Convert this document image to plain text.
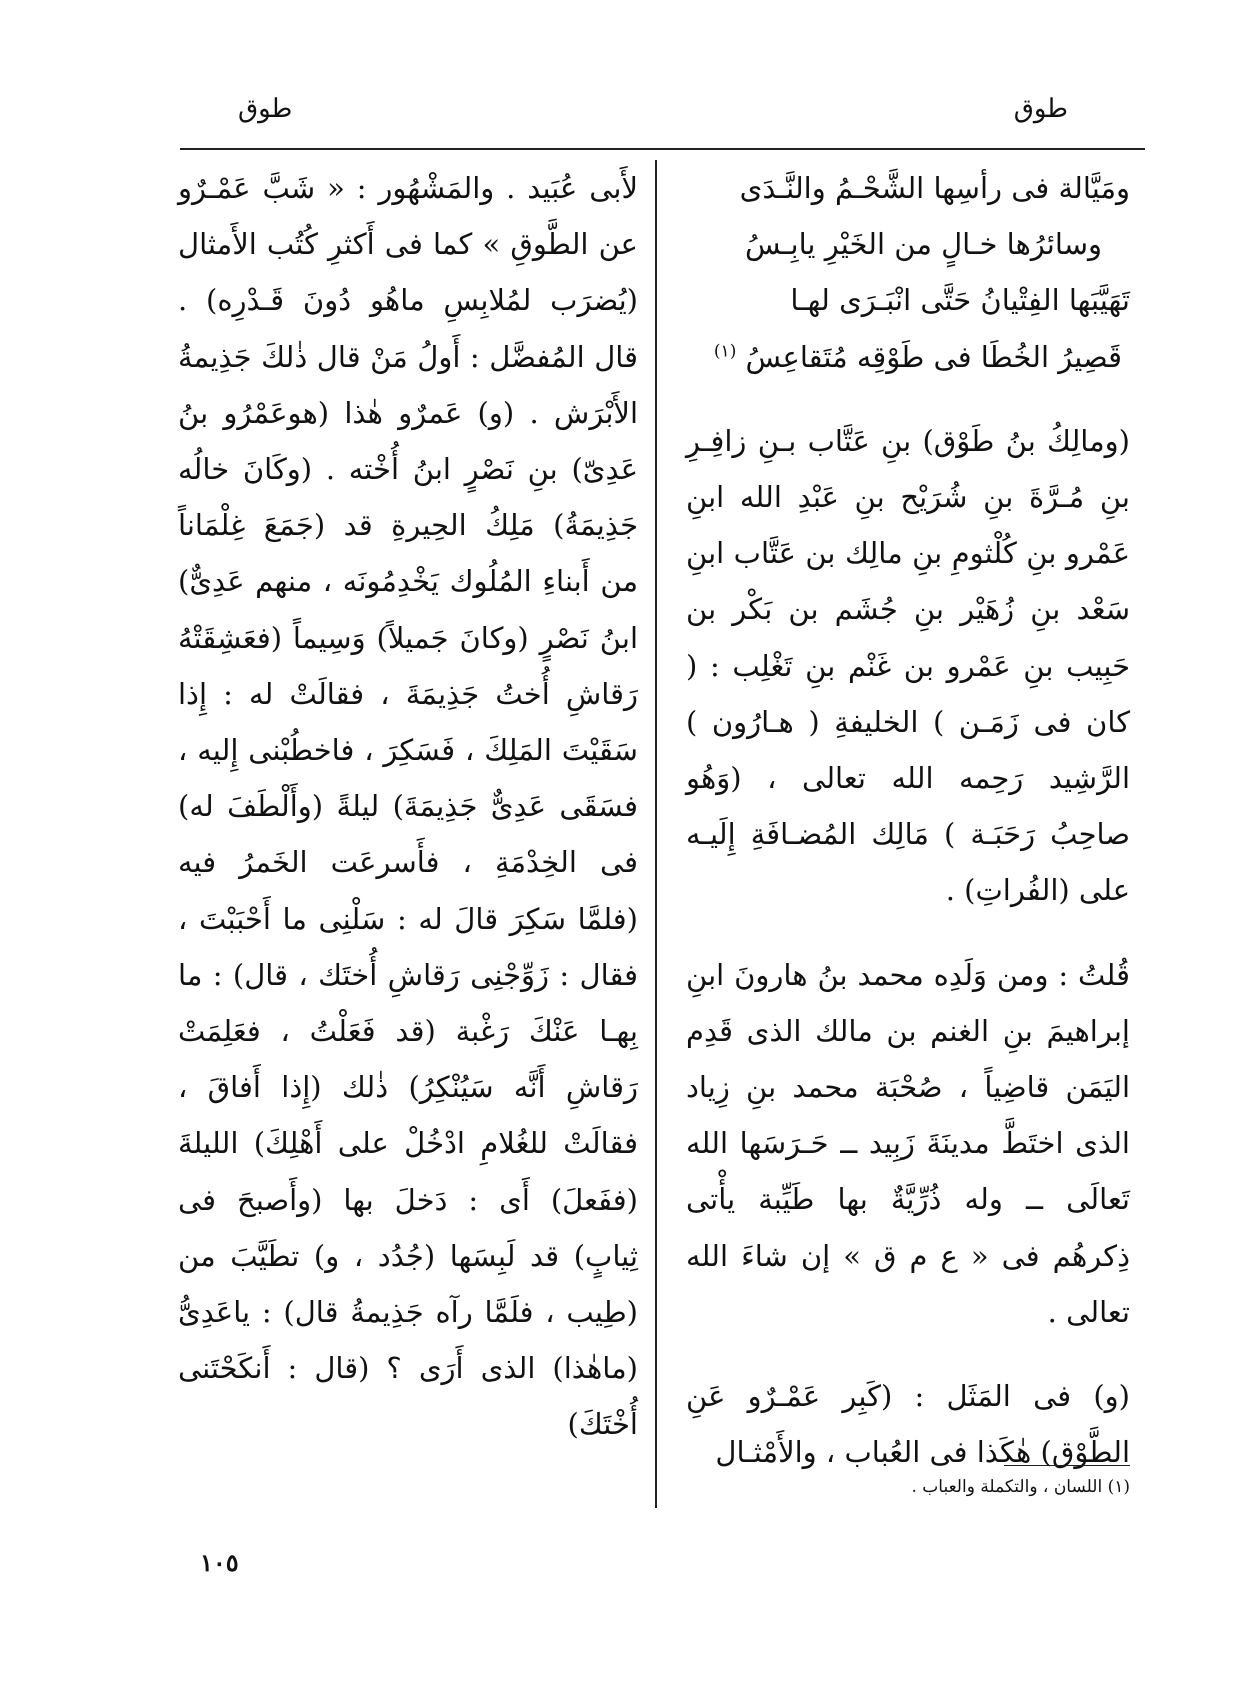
طوق
طوق
ومَيَّالة فى رأسِها الشَّحْـمُ والنَّـدَى
وسائرُها خـالٍ من الخَيْرِ يابِـسُ
تَهَيَّبَها الفِتْيانُ حَتَّى انْبَـرَى لهـا
قَصِيرُ الخُطَا فى طَوْقِه مُتَقاعِسُ $^{(١)}$

(ومالِكُ بنُ طَوْق) بنِ عَتَّاب بـنِ زافِـرِ بنِ مُـرَّةَ بنِ شُرَيْح بنِ عَبْدِ الله ابنِ عَمْرو بنِ كُلْثومِ بنِ مالِك بن عَتَّاب ابنِ سَعْد بنِ زُهَيْر بنِ جُشَم بن بَكْر بن حَبِيب بنِ عَمْرو بن غَنْم بنِ تَغْلِب : ( كان فى زَمَـن ) الخليفةِ ( هـارُون ) الرَّشِيد رَحِمه الله تعالى ، (وَهُو صاحِبُ رَحَبَـة ) مَالِك المُضـافَةِ إِلَيـه على (الفُراتِ) .

قُلتُ : ومن وَلَدِه محمد بنُ هارونَ ابنِ إبراهيمَ بنِ الغنم بن مالك الذى قَدِم اليَمَن قاضِياً ، صُحْبَة محمد بنِ زِياد الذى اختَطَّ مدينَةَ زَبِيد ــ حَـرَسَها الله تَعالَى ــ وله ذُرِّيَّةٌ بها طَيِّبة يأْتى ذِكرهُم فى « ع م ق » إن شاءَ الله تعالى .

(و) فى المَثَل : (كَبِر عَمْـرٌو عَنِ الطَّوْق) هٰكَذا فى العُباب ، والأَمْثـال

لأَبى عُبَيد . والمَشْهُور : « شَبَّ عَمْـرٌو عن الطَّوقِ » كما فى أَكثرِ كُتُب الأَمثال (يُضرَب لمُلابِسِ ماهُو دُونَ قَـدْرِه) . قال المُفضَّل : أَولُ مَنْ قال ذٰلكَ جَذِيمةُ الأَبْرَش . (و) عَمرٌو هٰذا (هوعَمْرُو بنُ عَدِىّ) بنِ نَصْرٍ ابنُ أُخْته . (وكَانَ خالُه جَذِيمَةُ) مَلِكُ الحِيرةِ قد (جَمَعَ غِلْمَاناً من أَبناءِ المُلُوك يَخْدِمُونَه ، منهم عَدِىٌّ) ابنُ نَصْرٍ (وكانَ جَميلاً) وَسِيماً (فعَشِقَتْهُ رَقاشِ أُختُ جَذِيمَةَ ، فقالَتْ له : إِذا سَقَيْتَ المَلِكَ ، فَسَكِرَ ، فاخطُبْنى إِليه ، فسَقَى عَدِىٌّ جَذِيمَةَ) ليلةً (وأَلْطَفَ له) فى الخِدْمَةِ ، فأَسرعَت الخَمرُ فيه (فلمَّا سَكِرَ قالَ له : سَلْنِى ما أَحْبَبْتَ ، فقال : زَوِّجْنِى رَقاشِ أُختَك ، قال) : ما بِهـا عَنْكَ رَغْبة (قد فَعَلْتُ ، فعَلِمَتْ رَقاشِ أَنَّه سَيُنْكِرُ) ذٰلك (إِذا أَفاقَ ، فقالَتْ للغُلامِ ادْخُلْ على أَهْلِكَ) الليلةَ (ففَعلَ) أَى : دَخلَ بها (وأَصبحَ فى ثِيابٍ) قد لَبِسَها (جُدُد ، و) تطَيَّبَ من (طِيب ، فلَمَّا رآه جَذِيمةُ قال) : ياعَدِىُّ (ماهٰذا) الذى أَرَى ؟ (قال : أَنكَحْتَنى أُخْتَكَ)

(١) اللسان ، والتكملة والعباب .
١٠٥
